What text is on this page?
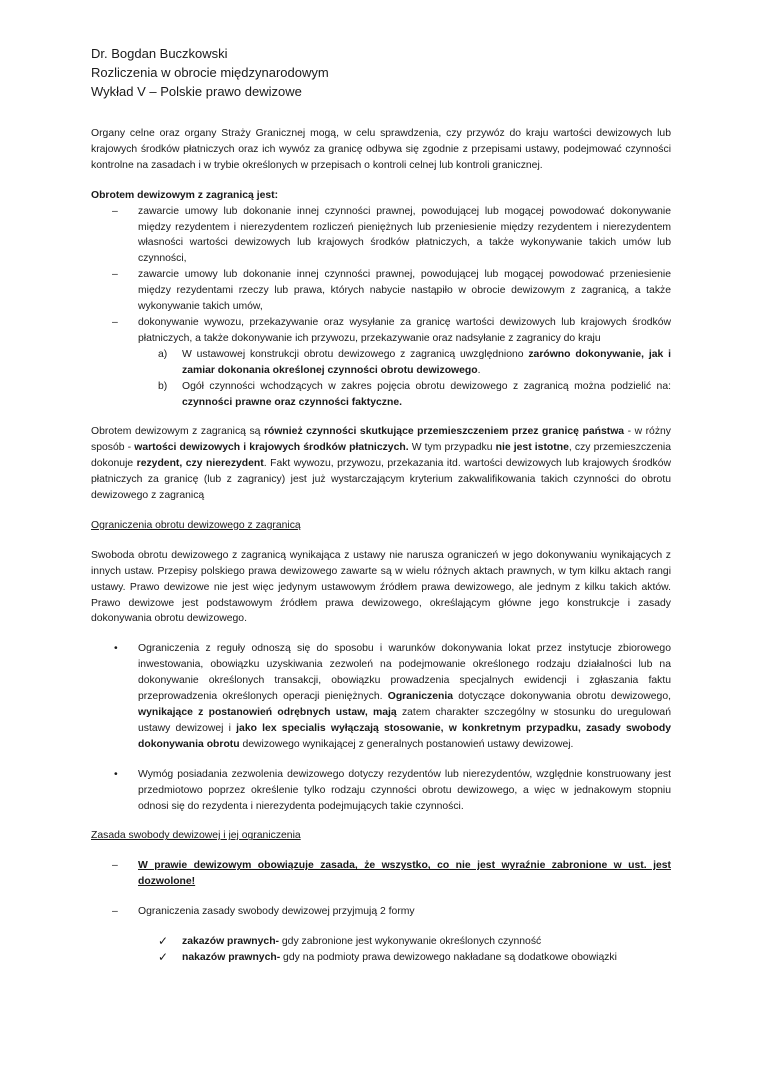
Dr. Bogdan Buczkowski
Rozliczenia w obrocie międzynarodowym
Wykład V – Polskie prawo dewizowe

Organy celne oraz organy Straży Granicznej mogą, w celu sprawdzenia, czy przywóz do kraju wartości dewizowych lub krajowych środków płatniczych oraz ich wywóz za granicę odbywa się zgodnie z przepisami ustawy, podejmować czynności kontrolne na zasadach i w trybie określonych w przepisach o kontroli celnej lub kontroli granicznej.

Obrotem dewizowym z zagranicą jest:

– zawarcie umowy lub dokonanie innej czynności prawnej, powodującej lub mogącej powodować dokonywanie między rezydentem i nierezydentem rozliczeń pieniężnych lub przeniesienie między rezydentem i nierezydentem własności wartości dewizowych lub krajowych środków płatniczych, a także wykonywanie takich umów lub czynności,
– zawarcie umowy lub dokonanie innej czynności prawnej, powodującej lub mogącej powodować przeniesienie między rezydentami rzeczy lub prawa, których nabycie nastąpiło w obrocie dewizowym z zagranicą, a także wykonywanie takich umów,
– dokonywanie wywozu, przekazywanie oraz wysyłanie za granicę wartości dewizowych lub krajowych środków płatniczych, a także dokonywanie ich przywozu, przekazywanie oraz nadsyłanie z zagranicy do kraju
a) W ustawowej konstrukcji obrotu dewizowego z zagranicą uwzględniono zarówno dokonywanie, jak i zamiar dokonania określonej czynności obrotu dewizowego.
b) Ogół czynności wchodzących w zakres pojęcia obrotu dewizowego z zagranicą można podzielić na: czynności prawne oraz czynności faktyczne.

Obrotem dewizowym z zagranicą są również czynności skutkujące przemieszczeniem przez granicę państwa - w różny sposób - wartości dewizowych i krajowych środków płatniczych. W tym przypadku nie jest istotne, czy przemieszczenia dokonuje rezydent, czy nierezydent. Fakt wywozu, przywozu, przekazania itd. wartości dewizowych lub krajowych środków płatniczych za granicę (lub z zagranicy) jest już wystarczającym kryterium zakwalifikowania takich czynności do obrotu dewizowego z zagranicą

Ograniczenia obrotu dewizowego z zagranicą

Swoboda obrotu dewizowego z zagranicą wynikająca z ustawy nie narusza ograniczeń w jego dokonywaniu wynikających z innych ustaw. Przepisy polskiego prawa dewizowego zawarte są w wielu różnych aktach prawnych, w tym kilku aktach rangi ustawy. Prawo dewizowe nie jest więc jedynym ustawowym źródłem prawa dewizowego, ale jednym z kilku takich aktów. Prawo dewizowe jest podstawowym źródłem prawa dewizowego, określającym główne jego konstrukcje i zasady dokonywania obrotu dewizowego.

• Ograniczenia z reguły odnoszą się do sposobu i warunków dokonywania lokat przez instytucje zbiorowego inwestowania, obowiązku uzyskiwania zezwoleń na podejmowanie określonego rodzaju działalności lub na dokonywanie określonych transakcji, obowiązku prowadzenia specjalnych ewidencji i zgłaszania faktu przeprowadzenia określonych operacji pieniężnych. Ograniczenia dotyczące dokonywania obrotu dewizowego, wynikające z postanowień odrębnych ustaw, mają zatem charakter szczególny w stosunku do uregulowań ustawy dewizowej i jako lex specialis wyłączają stosowanie, w konkretnym przypadku, zasady swobody dokonywania obrotu dewizowego wynikającej z generalnych postanowień ustawy dewizowej.
• Wymóg posiadania zezwolenia dewizowego dotyczy rezydentów lub nierezydentów, względnie konstruowany jest przedmiotowo poprzez określenie tylko rodzaju czynności obrotu dewizowego, a więc w jednakowym stopniu odnosi się do rezydenta i nierezydenta podejmujących takie czynności.

Zasada swobody dewizowej i jej ograniczenia

– W prawie dewizowym obowiązuje zasada, że wszystko, co nie jest wyraźnie zabronione w ust. jest dozwolone!
– Ograniczenia zasady swobody dewizowej przyjmują 2 formy
✓ zakazów prawnych- gdy zabronione jest wykonywanie określonych czynność
✓ nakazów prawnych- gdy na podmioty prawa dewizowego nakładane są dodatkowe obowiązki
